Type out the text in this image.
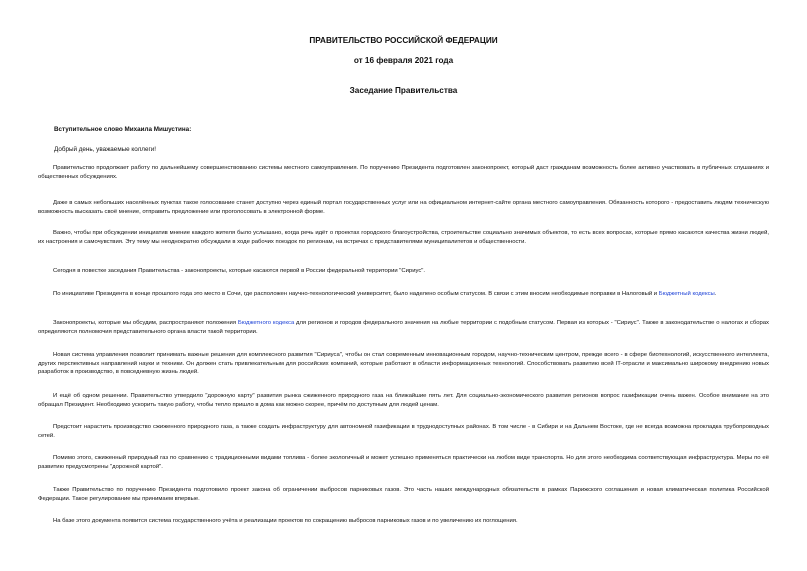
ПРАВИТЕЛЬСТВО РОССИЙСКОЙ ФЕДЕРАЦИИ
от 16 февраля 2021 года
Заседание Правительства
Вступительное слово Михаила Мишустина:
Добрый день, уважаемые коллеги!

Правительство продолжает работу по дальнейшему совершенствованию системы местного самоуправления. По поручению Президента подготовлен законопроект, который даст гражданам возможность более активно участвовать в публичных слушаниях и общественных обсуждениях.

Даже в самых небольших населённых пунктах такое голосование станет доступно через единый портал государственных услуг или на официальном интернет-сайте органа местного самоуправления. Обязанность которого - предоставить людям техническую возможность высказать своё мнение, отправить предложение или проголосовать в электронной форме.

Важно, чтобы при обсуждении инициатив мнение каждого жителя было услышано, когда речь идёт о проектах городского благоустройства, строительстве социально значимых объектов, то есть всех вопросах, которые прямо касаются качества жизни людей, их настроения и самочувствия. Эту тему мы неоднократно обсуждали в ходе рабочих поездок по регионам, на встречах с представителями муниципалитетов и общественности.

Сегодня в повестке заседания Правительства - законопроекты, которые касаются первой в России федеральной территории "Сириус".

По инициативе Президента в конце прошлого года это место в Сочи, где расположен научно-технологический университет, было наделено особым статусом. В связи с этим вносим необходимые поправки в Налоговый и Бюджетный кодексы.

Законопроекты, которые мы обсудим, распространяют положения Бюджетного кодекса для регионов и городов федерального значения на любые территории с подобным статусом. Первая из которых - "Сириус". Также в законодательстве о налогах и сборах определяются полномочия представительного органа власти такой территории.

Новая система управления позволит принимать важные решения для комплексного развития "Сириуса", чтобы он стал современным инновационным городом, научно-техническим центром, прежде всего - в сфере биотехнологий, искусственного интеллекта, других перспективных направлений науки и техники. Он должен стать привлекательным для российских компаний, которые работают в области информационных технологий. Способствовать развитию всей IT-отрасли и максимально широкому внедрению новых разработок в производство, в повседневную жизнь людей.

И ещё об одном решении. Правительство утвердило "дорожную карту" развития рынка сжиженного природного газа на ближайшие пять лет. Для социально-экономического развития регионов вопрос газификации очень важен. Особое внимание на это обращал Президент. Необходимо ускорить такую работу, чтобы тепло пришло в дома как можно скорее, причём по доступным для людей ценам.

Предстоит нарастить производство сжиженного природного газа, а также создать инфраструктуру для автономной газификации в труднодоступных районах. В том числе - в Сибири и на Дальнем Востоке, где не всегда возможна прокладка трубопроводных сетей.

Помимо этого, сжиженный природный газ по сравнению с традиционными видами топлива - более экологичный и может успешно применяться практически на любом виде транспорта. Но для этого необходима соответствующая инфраструктура. Меры по её развитию предусмотрены "дорожной картой".

Также Правительство по поручению Президента подготовило проект закона об ограничении выбросов парниковых газов. Это часть наших международных обязательств в рамках Парижского соглашения и новая климатическая политика Российской Федерации. Такое регулирование мы принимаем впервые.

На базе этого документа появится система государственного учёта и реализации проектов по сокращению выбросов парниковых газов и по увеличению их поглощения.
